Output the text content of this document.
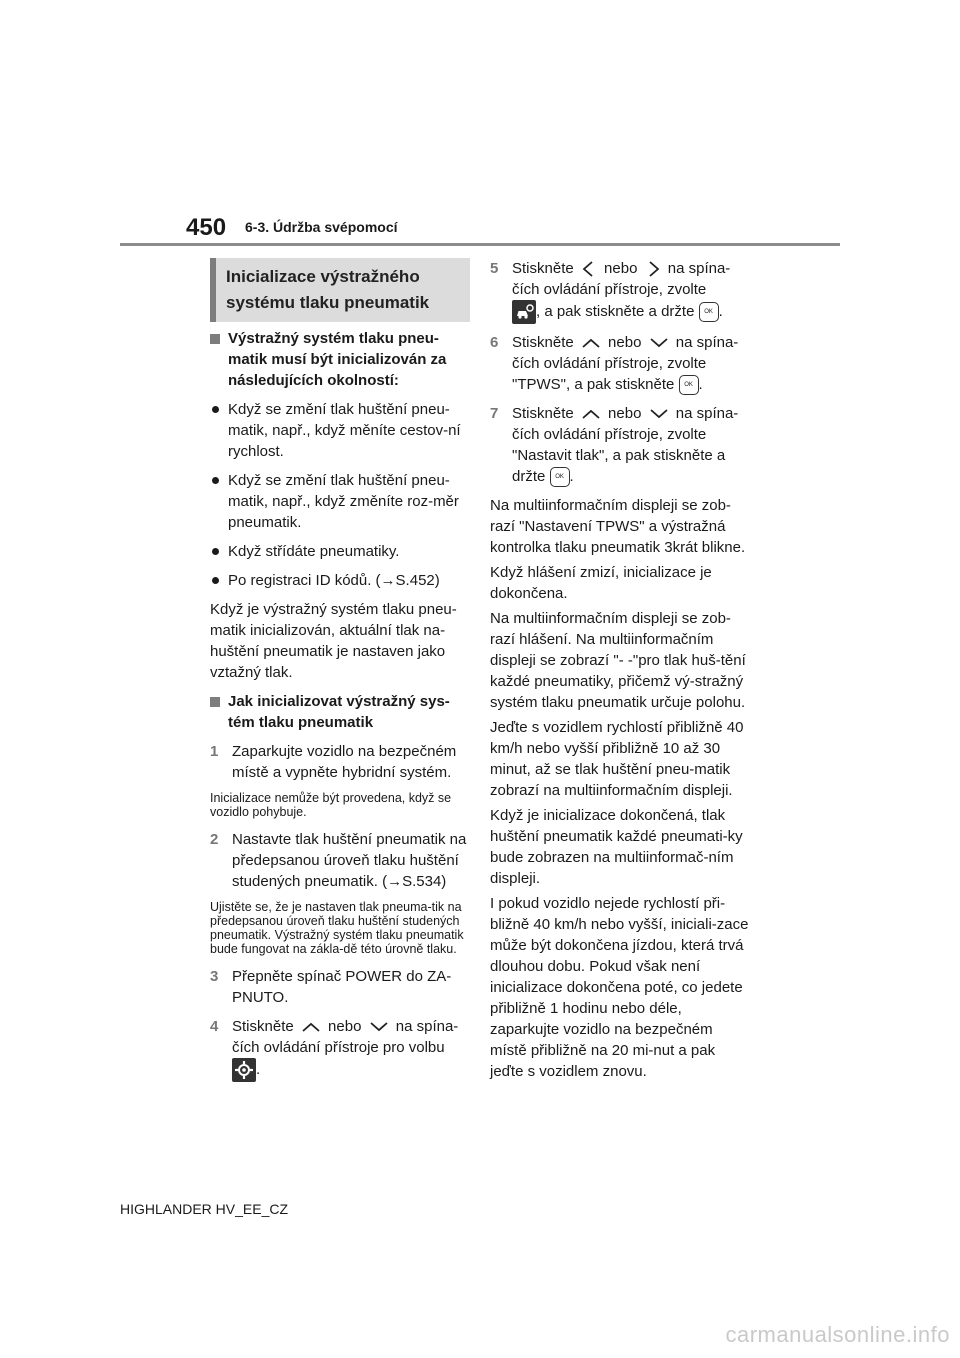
450 6-3. Údržba svépomocí
Inicializace výstražného systému tlaku pneumatik
Výstražný systém tlaku pneu-matik musí být inicializován za následujících okolností:
Když se změní tlak huštění pneu-matik, např., když měníte cestov-ní rychlost.
Když se změní tlak huštění pneu-matik, např., když změníte roz-měr pneumatik.
Když střídáte pneumatiky.
Po registraci ID kódů. (→S.452)
Když je výstražný systém tlaku pneu-matik inicializován, aktuální tlak na-huštění pneumatik je nastaven jako vztažný tlak.
Jak inicializovat výstražný sys-tém tlaku pneumatik
1 Zaparkujte vozidlo na bezpečném místě a vypněte hybridní systém.
Inicializace nemůže být provedena, když se vozidlo pohybuje.
2 Nastavte tlak huštění pneumatik na předepsanou úroveň tlaku huštění studených pneumatik. (→S.534)
Ujistěte se, že je nastaven tlak pneuma-tik na předepsanou úroveň tlaku huštění studených pneumatik. Výstražný systém tlaku pneumatik bude fungovat na zákla-dě této úrovně tlaku.
3 Přepněte spínač POWER do ZA-PNUTO.
4 Stiskněte nebo na spína-čích ovládání přístroje pro volbu
.
5 Stiskněte nebo na spína-čích ovládání přístroje, zvolte
, a pak stiskněte a držte OK .
6 Stiskněte nebo na spína-čích ovládání přístroje, zvolte "TPWS", a pak stiskněte OK .
7 Stiskněte nebo na spína-čích ovládání přístroje, zvolte "Nastavit tlak", a pak stiskněte a držte OK .
Na multiinformačním displeji se zob-razí "Nastavení TPWS" a výstražná kontrolka tlaku pneumatik 3krát blikne.
Když hlášení zmizí, inicializace je dokončena.
Na multiinformačním displeji se zob-razí hlášení. Na multiinformačním displeji se zobrazí "- -"pro tlak huš-tění každé pneumatiky, přičemž vý-stražný systém tlaku pneumatik určuje polohu.
Jeďte s vozidlem rychlostí přibližně 40 km/h nebo vyšší přibližně 10 až 30 minut, až se tlak huštění pneu-matik zobrazí na multiinformačním displeji.
Když je inicializace dokončená, tlak huštění pneumatik každé pneumati-ky bude zobrazen na multiinformač-ním displeji.
I pokud vozidlo nejede rychlostí při-bližně 40 km/h nebo vyšší, iniciali-zace může být dokončena jízdou, která trvá dlouhou dobu. Pokud však není inicializace dokončena poté, co jedete přibližně 1 hodinu nebo déle, zaparkujte vozidlo na bezpečném místě přibližně na 20 mi-nut a pak jeďte s vozidlem znovu.
HIGHLANDER HV_EE_CZ
carmanualsonline.info
